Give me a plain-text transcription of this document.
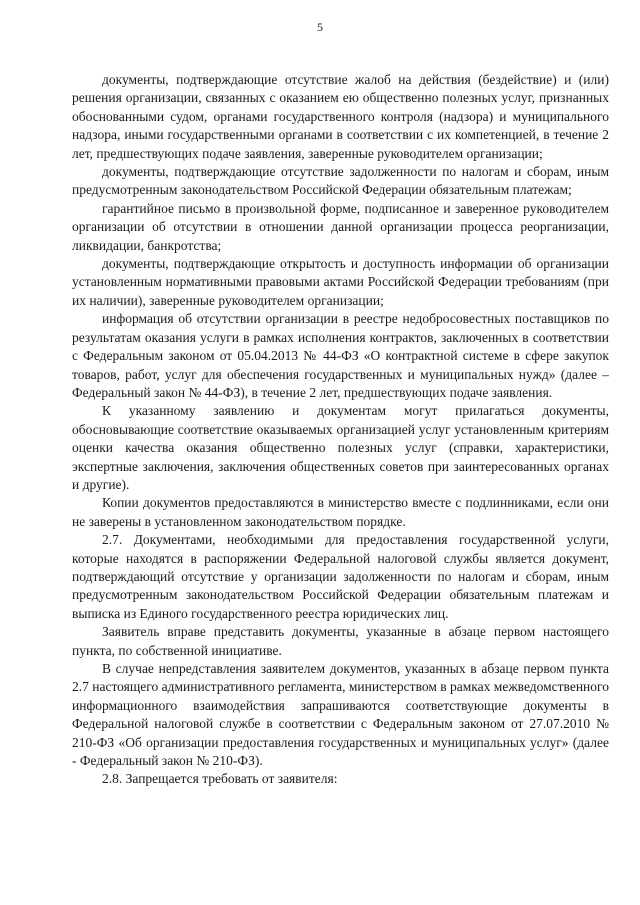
5

документы, подтверждающие отсутствие жалоб на действия (бездействие) и (или) решения организации, связанных с оказанием ею общественно полезных услуг, признанных обоснованными судом, органами государственного контроля (надзора) и муниципального надзора, иными государственными органами в соответствии с их компетенцией, в течение 2 лет, предшествующих подаче заявления, заверенные руководителем организации;

документы, подтверждающие отсутствие задолженности по налогам и сборам, иным предусмотренным законодательством Российской Федерации обязательным платежам;

гарантийное письмо в произвольной форме, подписанное и заверенное руководителем организации об отсутствии в отношении данной организации процесса реорганизации, ликвидации, банкротства;

документы, подтверждающие открытость и доступность информации об организации установленным нормативными правовыми актами Российской Федерации требованиям (при их наличии), заверенные руководителем организации;

информация об отсутствии организации в реестре недобросовестных поставщиков по результатам оказания услуги в рамках исполнения контрактов, заключенных в соответствии с Федеральным законом от 05.04.2013 № 44-ФЗ «О контрактной системе в сфере закупок товаров, работ, услуг для обеспечения государственных и муниципальных нужд» (далее – Федеральный закон № 44-ФЗ), в течение 2 лет, предшествующих подаче заявления.

К указанному заявлению и документам могут прилагаться документы, обосновывающие соответствие оказываемых организацией услуг установленным критериям оценки качества оказания общественно полезных услуг (справки, характеристики, экспертные заключения, заключения общественных советов при заинтересованных органах и другие).

Копии документов предоставляются в министерство вместе с подлинниками, если они не заверены в установленном законодательством порядке.

2.7. Документами, необходимыми для предоставления государственной услуги, которые находятся в распоряжении Федеральной налоговой службы является документ, подтверждающий отсутствие у организации задолженности по налогам и сборам, иным предусмотренным законодательством Российской Федерации обязательным платежам и выписка из Единого государственного реестра юридических лиц.

Заявитель вправе представить документы, указанные в абзаце первом настоящего пункта, по собственной инициативе.

В случае непредставления заявителем документов, указанных в абзаце первом пункта 2.7 настоящего административного регламента, министерством в рамках межведомственного информационного взаимодействия запрашиваются соответствующие документы в Федеральной налоговой службе в соответствии с Федеральным законом от 27.07.2010 № 210-ФЗ «Об организации предоставления государственных и муниципальных услуг» (далее - Федеральный закон № 210-ФЗ).

2.8. Запрещается требовать от заявителя:
